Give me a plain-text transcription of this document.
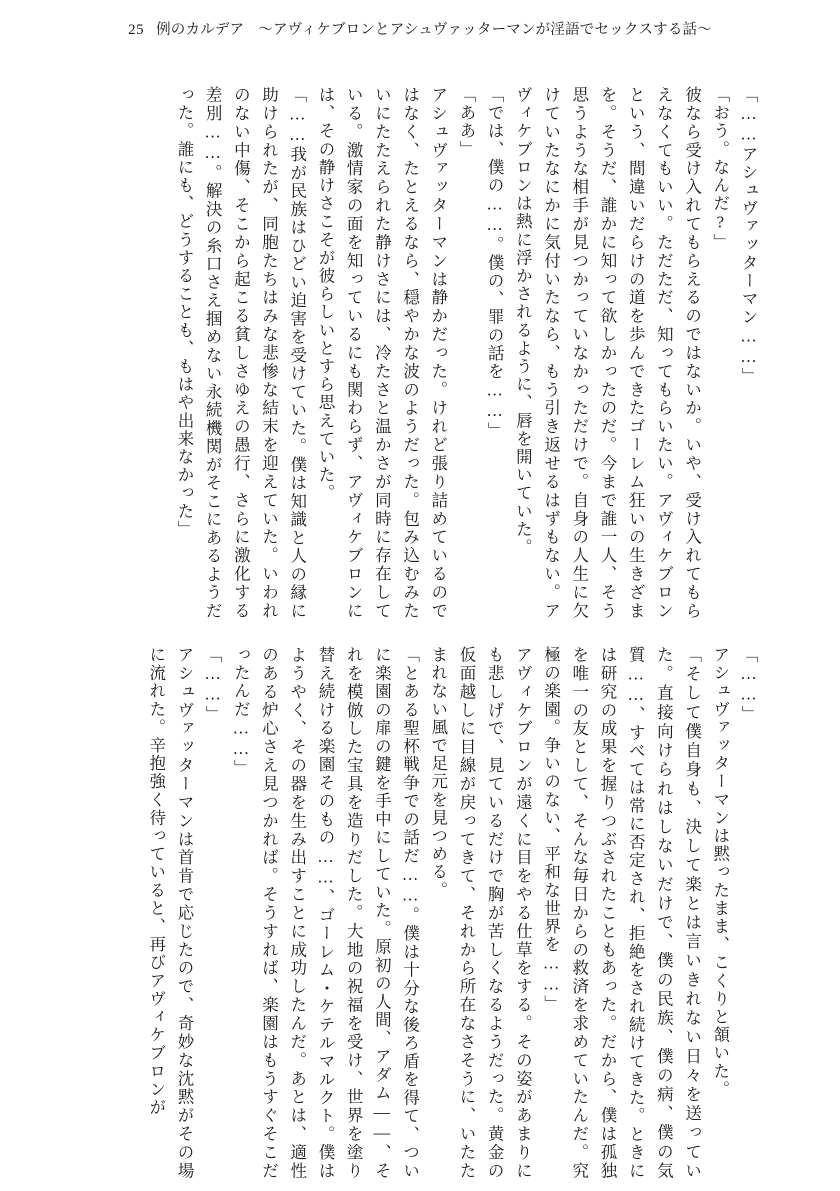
25 例のカルデア 〜アヴィケブロンとアシュヴァッターマンが淫語でセックスする話〜

「……アシュヴァッターマン……」

「おう。なんだ?」

彼なら受け入れてもらえるのではないか。いや、受け入れてもらえなくてもいい。ただただ、知ってもらいたい。アヴィケブロンという、間違いだらけの道を歩んできたゴーレム狂いの生きざまを。そうだ、誰かに知って欲しかったのだ。今まで誰一人、そう思うような相手が見つかっていなかっただけで。自身の人生に欠けていたなにかに気付いたなら、もう引き返せるはずもない。アヴィケブロンは熱に浮かされるように、唇を開いていた。

「では、僕の……。僕の、罪の話を……」

「ああ」

アシュヴァッターマンは静かだった。けれど張り詰めているのではなく、たとえるなら、穏やかな波のようだった。包み込むみたいにたたえられた静けさには、冷たさと温かさが同時に存在している。激情家の面を知っているにも関わらず、アヴィケブロンには、その静けさこそが彼らしいとすら思えていた。

「……我が民族はひどい迫害を受けていた。僕は知識と人の縁に助けられたが、同胞たちはみな悲惨な結末を迎えていた。いわれのない中傷、そこから起こる貧しさゆえの愚行、さらに激化する差別……。解決の糸口さえ掴めない永続機関がそこにあるようだった。誰にも、どうすることも、もはや出来なかった」

「……」

アシュヴァッターマンは黙ったまま、こくりと頷いた。

「そして僕自身も、決して楽とは言いきれない日々を送っていた。直接向けられはしないだけで、僕の民族、僕の病、僕の気質……、すべては常に否定され、拒絶をされ続けてきた。ときには研究の成果を握りつぶされたこともあった。だから、僕は孤独を唯一の友として、そんな毎日からの救済を求めていたんだ。究極の楽園。争いのない、平和な世界を……」

アヴィケブロンが遠くに目をやる仕草をする。その姿があまりにも悲しげで、見ているだけで胸が苦しくなるようだった。黄金の仮面越しに目線が戻ってきて、それから所在なさそうに、いたたまれない風で足元を見つめる。

「とある聖杯戦争での話だ……。僕は十分な後ろ盾を得て、ついに楽園の扉の鍵を手中にしていた。原初の人間、アダム——、それを模倣した宝具を造りだした。大地の祝福を受け、世界を塗り替え続ける楽園そのもの……、ゴーレム・ケテルマルクト。僕はようやく、その器を生み出すことに成功したんだ。あとは、適性のある炉心さえ見つかれば。そうすれば、楽園はもうすぐそこだったんだ……」

「……」

アシュヴァッターマンは首肯で応じたので、奇妙な沈黙がその場に流れた。辛抱強く待っていると、再びアヴィケブロンが
